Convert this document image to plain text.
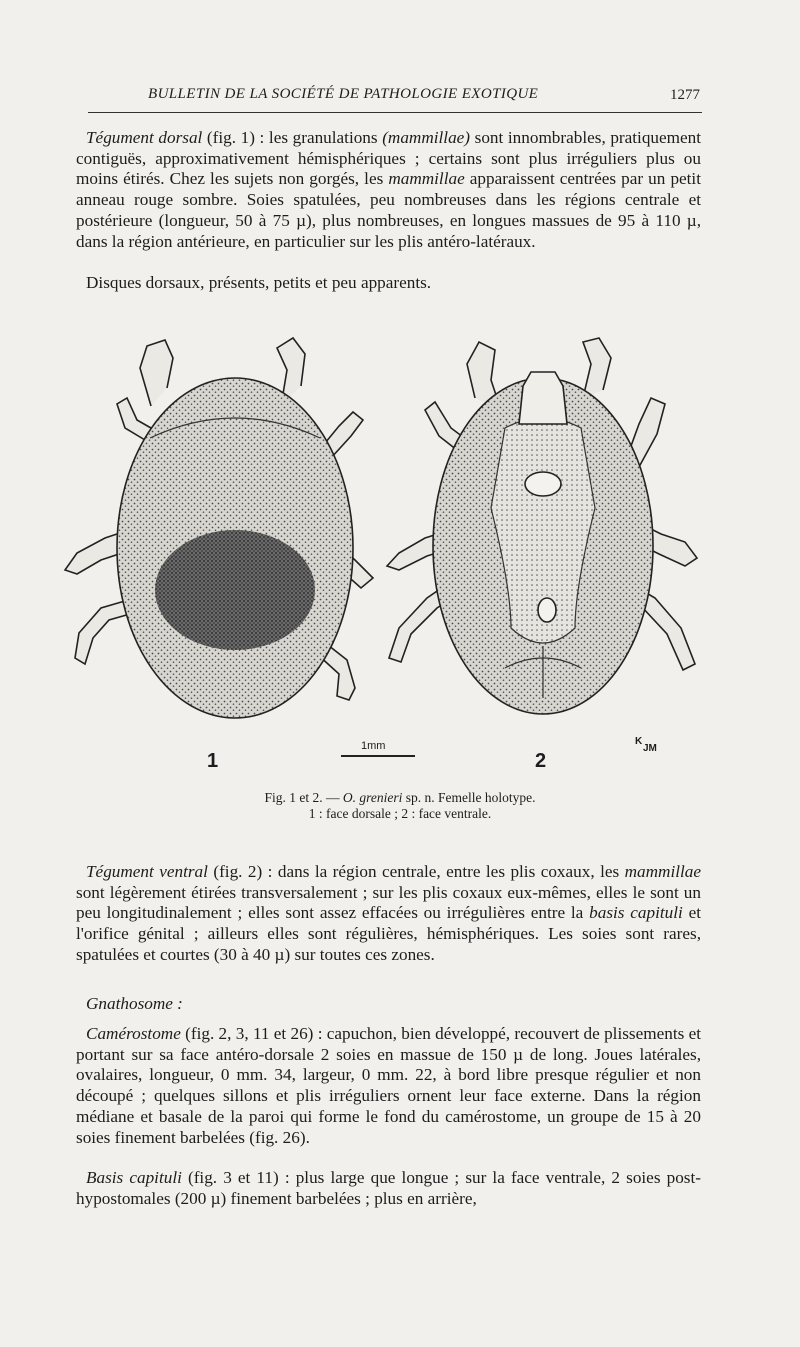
BULLETIN DE LA SOCIÉTÉ DE PATHOLOGIE EXOTIQUE	1277

Tégument dorsal (fig. 1) : les granulations (mammillae) sont innombrables, pratiquement contiguës, approximativement hémisphériques ; certains sont plus irréguliers plus ou moins étirés. Chez les sujets non gorgés, les mammillae apparaissent centrées par un petit anneau rouge sombre. Soies spatulées, peu nombreuses dans les régions centrale et postérieure (longueur, 50 à 75 µ), plus nombreuses, en longues massues de 95 à 110 µ, dans la région antérieure, en particulier sur les plis antéro-latéraux.

Disques dorsaux, présents, petits et peu apparents.

1	2
1mm	K
JM
Fig. 1 et 2. — O. grenieri sp. n. Femelle holotype.
1 : face dorsale ; 2 : face ventrale.

Tégument ventral (fig. 2) : dans la région centrale, entre les plis coxaux, les mammillae sont légèrement étirées transversalement ; sur les plis coxaux eux-mêmes, elles le sont un peu longitudinalement ; elles sont assez effacées ou irrégulières entre la basis capituli et l'orifice génital ; ailleurs elles sont régulières, hémisphériques. Les soies sont rares, spatulées et courtes (30 à 40 µ) sur toutes ces zones.

Gnathosome :

Camérostome (fig. 2, 3, 11 et 26) : capuchon, bien développé, recouvert de plissements et portant sur sa face antéro-dorsale 2 soies en massue de 150 µ de long. Joues latérales, ovalaires, longueur, 0 mm. 34, largeur, 0 mm. 22, à bord libre presque régulier et non découpé ; quelques sillons et plis irréguliers ornent leur face externe. Dans la région médiane et basale de la paroi qui forme le fond du camérostome, un groupe de 15 à 20 soies finement barbelées (fig. 26).

Basis capituli (fig. 3 et 11) : plus large que longue ; sur la face ventrale, 2 soies post-hypostomales (200 µ) finement barbelées ; plus en arrière,
